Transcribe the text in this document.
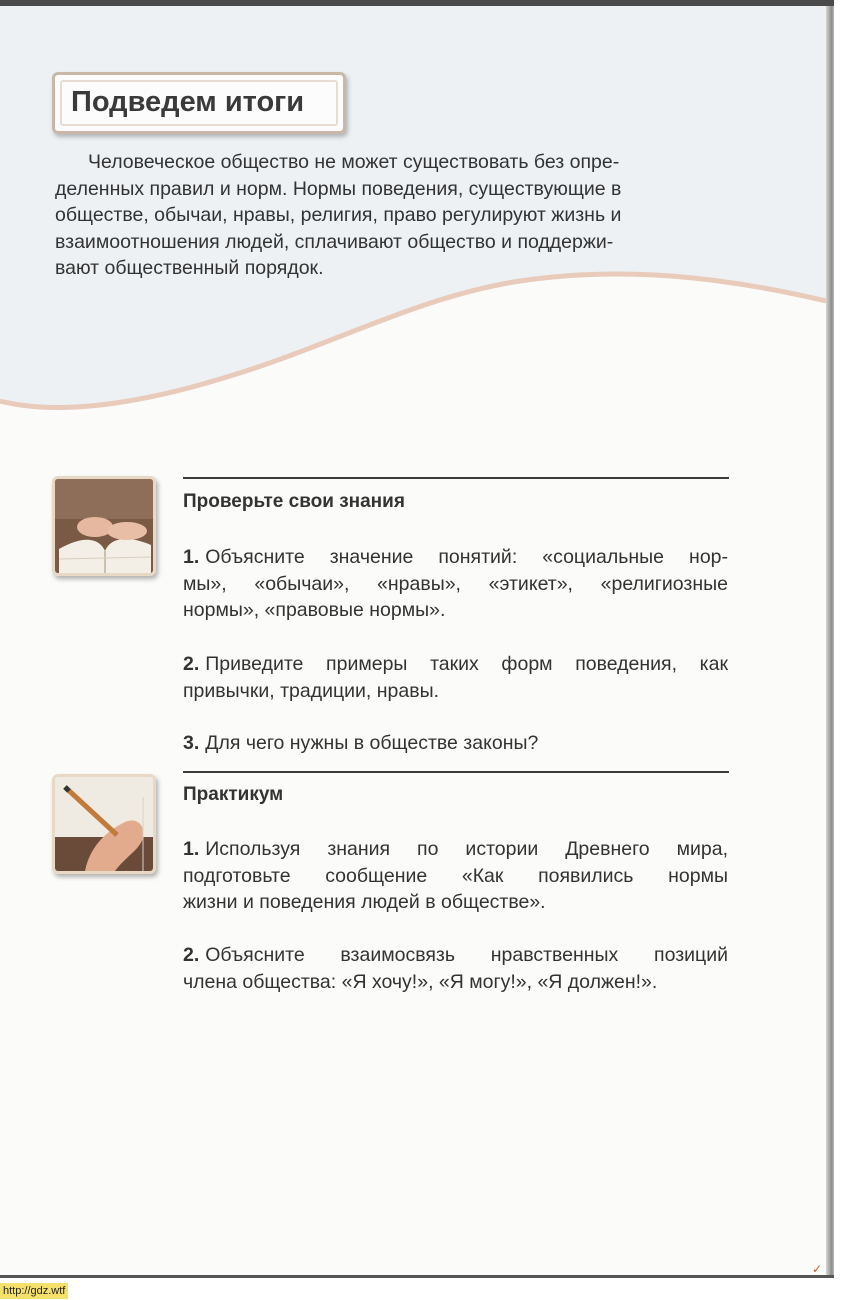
Подведем итоги
Человеческое общество не может существовать без опре-
деленных правил и норм. Нормы поведения, существующие в
обществе, обычаи, нравы, религия, право регулируют жизнь и
взаимоотношения людей, сплачивают общество и поддержи-
вают общественный порядок.
Проверьте свои знания
1. Объясните значение понятий: «социальные нор-
мы», «обычаи», «нравы», «этикет», «религиозные
нормы», «правовые нормы».
2. Приведите примеры таких форм поведения, как
привычки, традиции, нравы.
3. Для чего нужны в обществе законы?
Практикум
1. Используя знания по истории Древнего мира,
подготовьте сообщение «Как появились нормы
жизни и поведения людей в обществе».
2. Объясните взаимосвязь нравственных позиций
члена общества: «Я хочу!», «Я могу!», «Я должен!».
✓
http://gdz.wtf
